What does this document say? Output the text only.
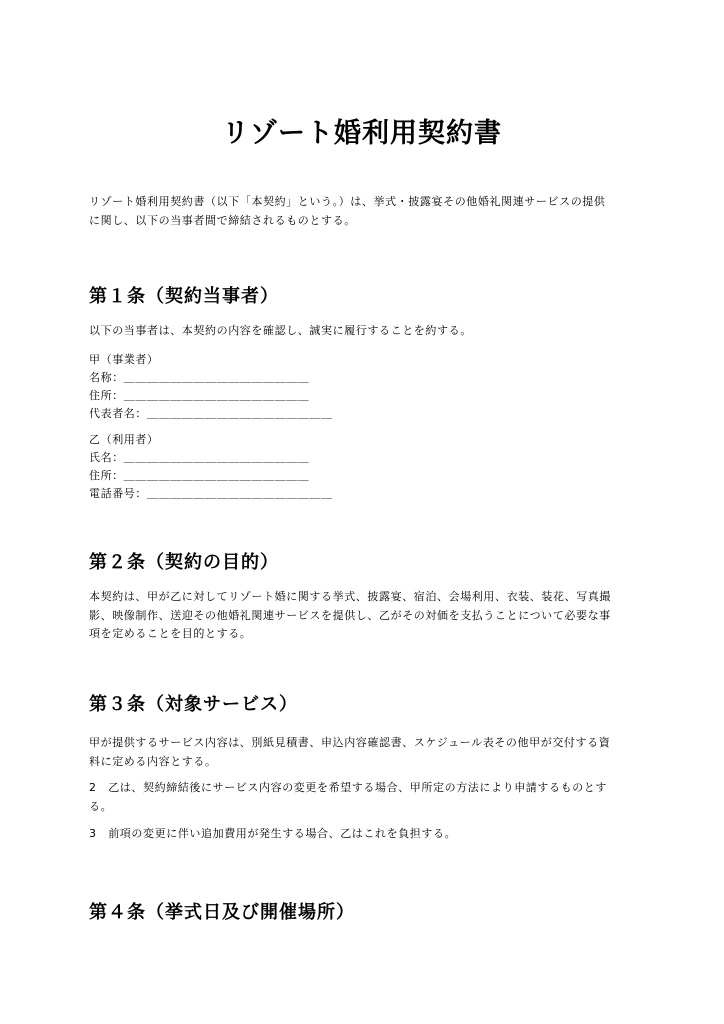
リゾート婚利用契約書
リゾート婚利用契約書（以下「本契約」という。）は、挙式・披露宴その他婚礼関連サービスの提供
に関し、以下の当事者間で締結されるものとする。
第１条（契約当事者）
以下の当事者は、本契約の内容を確認し、誠実に履行することを約する。
甲（事業者）
名称：＿＿＿＿＿＿＿＿＿＿＿＿＿＿＿＿
住所：＿＿＿＿＿＿＿＿＿＿＿＿＿＿＿＿
代表者名：＿＿＿＿＿＿＿＿＿＿＿＿＿＿＿＿
乙（利用者）
氏名：＿＿＿＿＿＿＿＿＿＿＿＿＿＿＿＿
住所：＿＿＿＿＿＿＿＿＿＿＿＿＿＿＿＿
電話番号：＿＿＿＿＿＿＿＿＿＿＿＿＿＿＿＿
第２条（契約の目的）
本契約は、甲が乙に対してリゾート婚に関する挙式、披露宴、宿泊、会場利用、衣装、装花、写真撮
影、映像制作、送迎その他婚礼関連サービスを提供し、乙がその対価を支払うことについて必要な事
項を定めることを目的とする。
第３条（対象サービス）
甲が提供するサービス内容は、別紙見積書、申込内容確認書、スケジュール表その他甲が交付する資
料に定める内容とする。
2　乙は、契約締結後にサービス内容の変更を希望する場合、甲所定の方法により申請するものとす
る。
3　前項の変更に伴い追加費用が発生する場合、乙はこれを負担する。
第４条（挙式日及び開催場所）
